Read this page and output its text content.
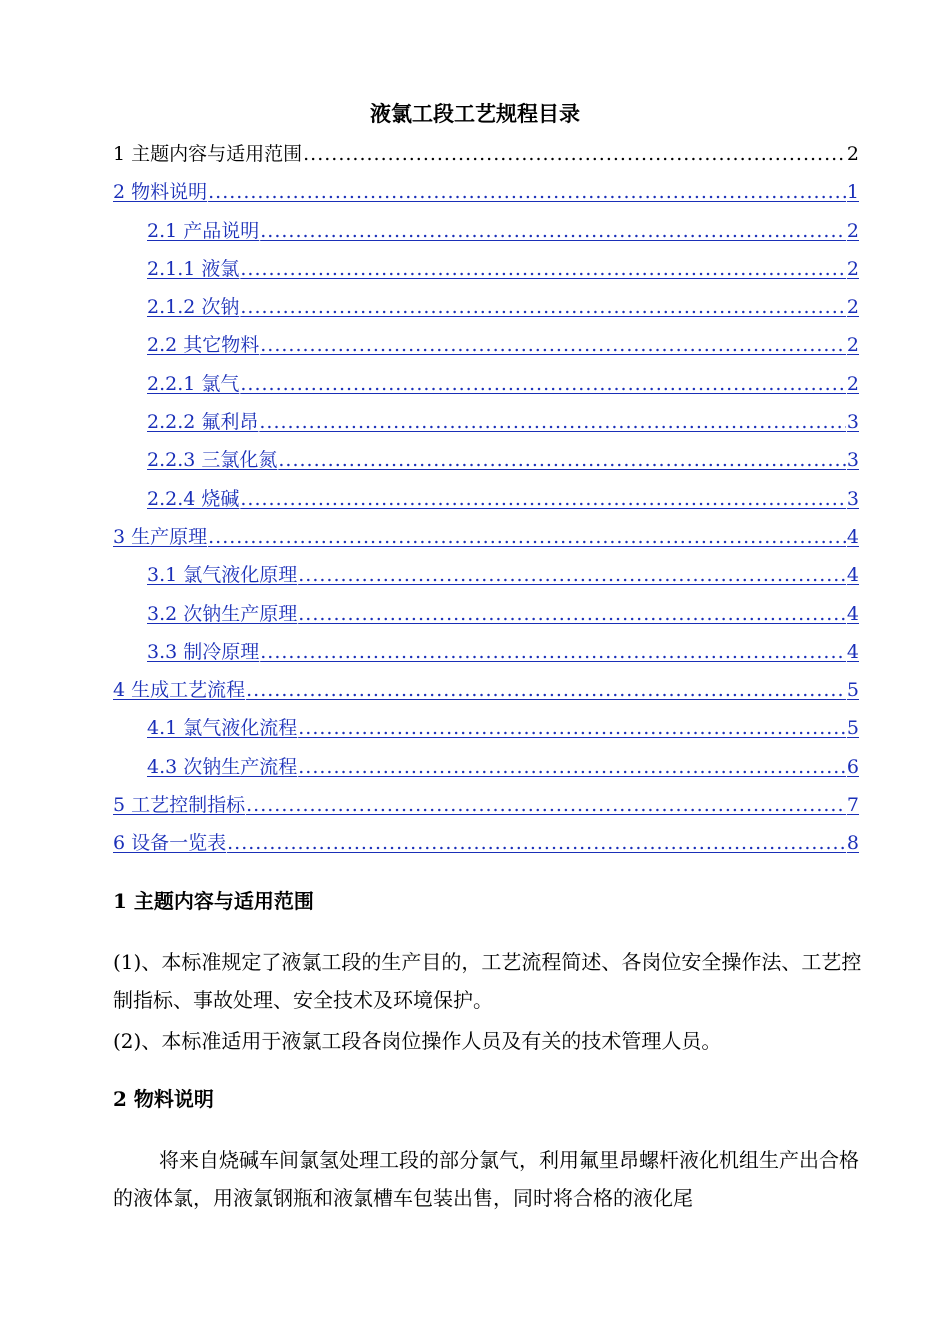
液氯工段工艺规程目录
1 主题内容与适用范围 .....	2
2 物料说明 .....	1
2.1 产品说明 .....	2
2.1.1 液氯 .....	2
2.1.2 次钠 .....	2
2.2 其它物料 .....	2
2.2.1 氯气 .....	2
2.2.2 氟利昂 .....	3
2.2.3 三氯化氮 .....	3
2.2.4 烧碱 .....	3
3 生产原理 .....	4
3.1 氯气液化原理 .....	4
3.2 次钠生产原理 .....	4
3.3 制冷原理 .....	4
4 生成工艺流程 .....	5
4.1 氯气液化流程 .....	5
4.3 次钠生产流程 .....	6
5 工艺控制指标 .....	7
6 设备一览表 .....	8
1 主题内容与适用范围
(1)、本标准规定了液氯工段的生产目的，工艺流程简述、各岗位安全操作法、工艺控制指标、事故处理、安全技术及环境保护。
(2)、本标准适用于液氯工段各岗位操作人员及有关的技术管理人员。
2 物料说明
将来自烧碱车间氯氢处理工段的部分氯气，利用氟里昂螺杆液化机组生产出合格的液体氯，用液氯钢瓶和液氯槽车包装出售，同时将合格的液化尾
